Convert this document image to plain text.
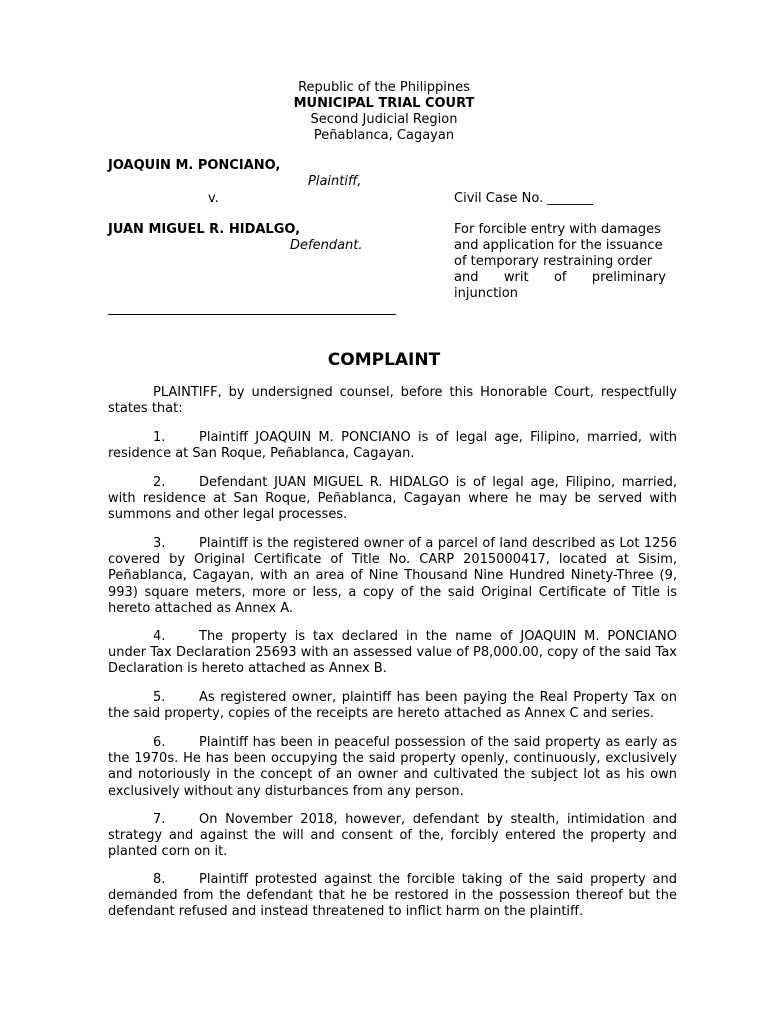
Republic of the Philippines
MUNICIPAL TRIAL COURT
Second Judicial Region
Peñablanca, Cagayan
JOAQUIN M. PONCIANO,
Plaintiff,
v.	Civil Case No. _______
JUAN MIGUEL R. HIDALGO,
Defendant.
For forcible entry with damages
and application for the issuance
of temporary restraining order
and writ of preliminary
injunction
COMPLAINT
PLAINTIFF, by undersigned counsel, before this Honorable Court, respectfully states that:
1.	Plaintiff JOAQUIN M. PONCIANO is of legal age, Filipino, married, with residence at San Roque, Peñablanca, Cagayan.
2.	Defendant JUAN MIGUEL R. HIDALGO is of legal age, Filipino, married, with residence at San Roque, Peñablanca, Cagayan where he may be served with summons and other legal processes.
3.	Plaintiff is the registered owner of a parcel of land described as Lot 1256 covered by Original Certificate of Title No. CARP 2015000417, located at Sisim, Peñablanca, Cagayan, with an area of Nine Thousand Nine Hundred Ninety-Three (9, 993) square meters, more or less, a copy of the said Original Certificate of Title is hereto attached as Annex A.
4.	The property is tax declared in the name of JOAQUIN M. PONCIANO under Tax Declaration 25693 with an assessed value of P8,000.00, copy of the said Tax Declaration is hereto attached as Annex B.
5.	As registered owner, plaintiff has been paying the Real Property Tax on the said property, copies of the receipts are hereto attached as Annex C and series.
6.	Plaintiff has been in peaceful possession of the said property as early as the 1970s. He has been occupying the said property openly, continuously, exclusively and notoriously in the concept of an owner and cultivated the subject lot as his own exclusively without any disturbances from any person.
7.	On November 2018, however, defendant by stealth, intimidation and strategy and against the will and consent of the, forcibly entered the property and planted corn on it.
8.	Plaintiff protested against the forcible taking of the said property and demanded from the defendant that he be restored in the possession thereof but the defendant refused and instead threatened to inflict harm on the plaintiff.
